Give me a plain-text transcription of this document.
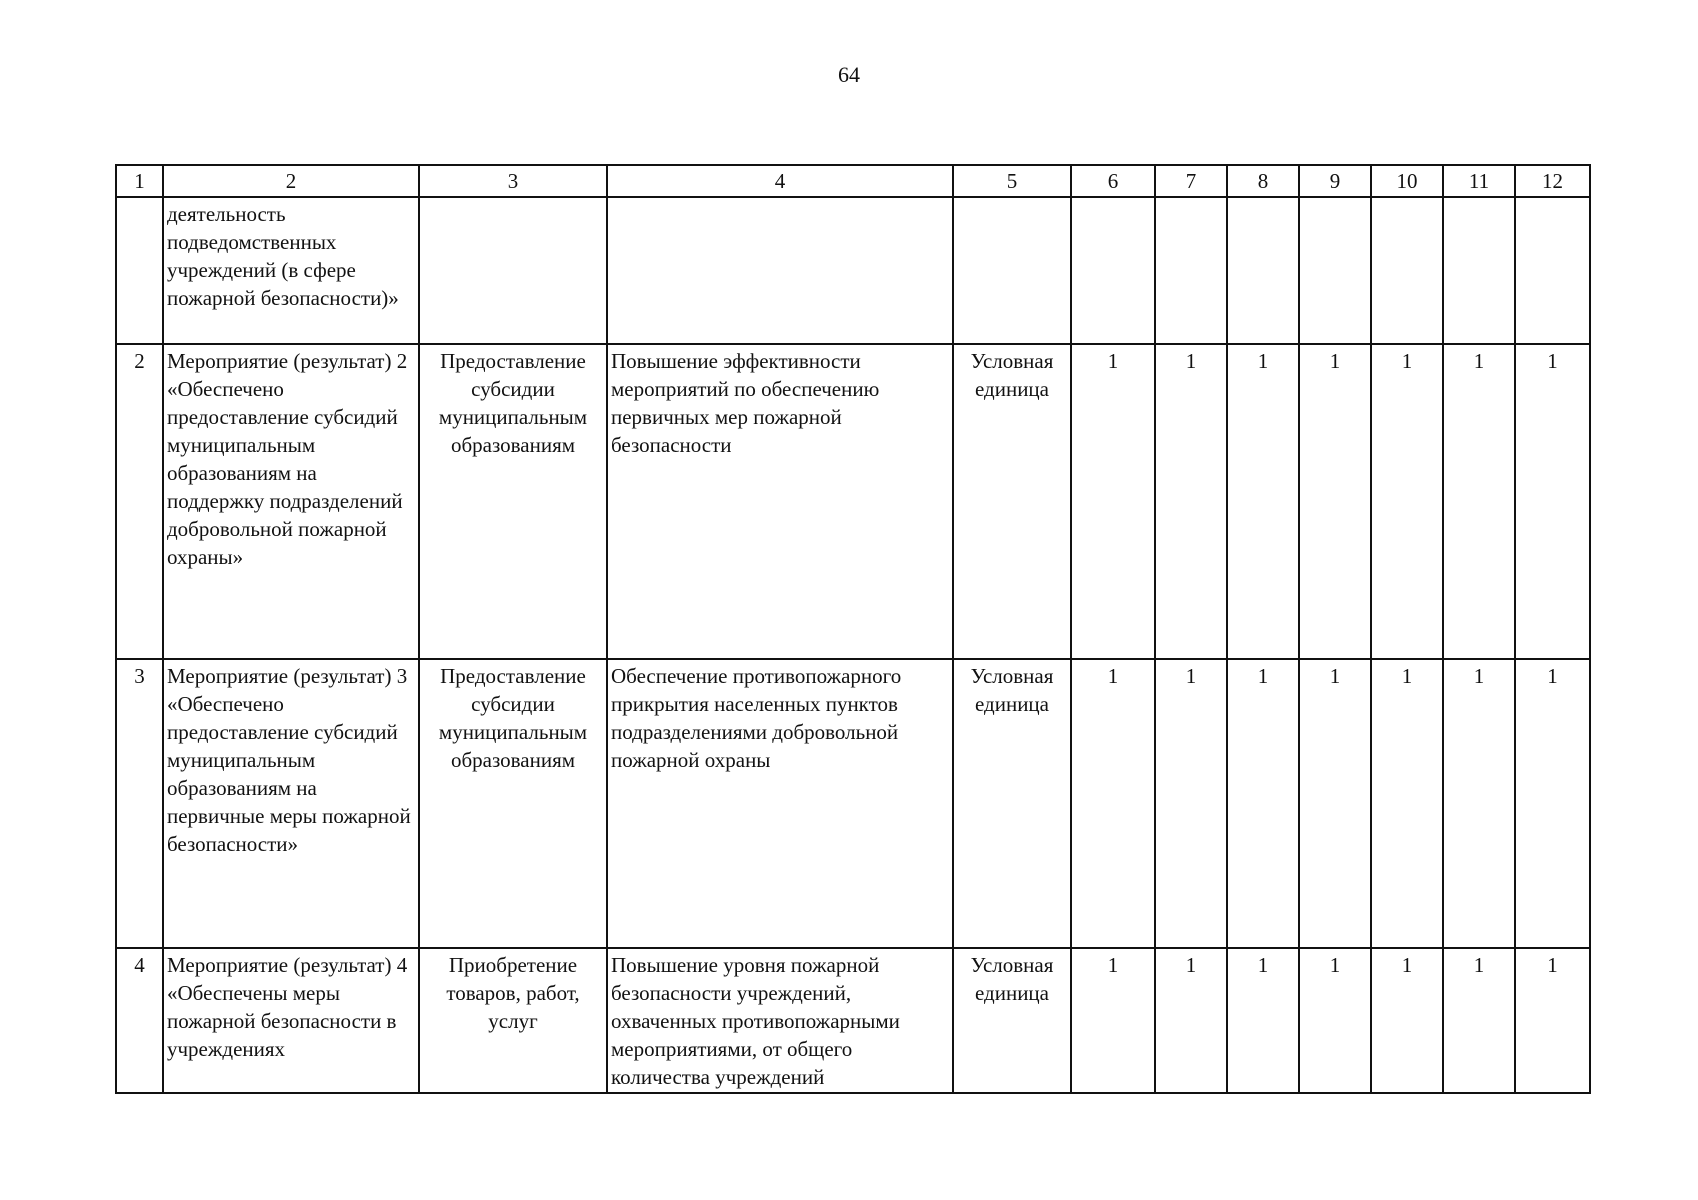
64
1	2	3	4	5	6	7	8	9	10	11	12
	деятельность подведомственных учреждений (в сфере пожарной безопасности)»										
2	Мероприятие (результат) 2 «Обеспечено предоставление субсидий муниципальным образованиям на поддержку подразделений добровольной пожарной охраны»	Предоставление субсидии муниципальным образованиям	Повышение эффективности мероприятий по обеспечению первичных мер пожарной безопасности	Условная единица	1	1	1	1	1	1	1
3	Мероприятие (результат) 3 «Обеспечено предоставление субсидий муниципальным образованиям на первичные меры пожарной безопасности»	Предоставление субсидии муниципальным образованиям	Обеспечение противопожарного прикрытия населенных пунктов подразделениями добровольной пожарной охраны	Условная единица	1	1	1	1	1	1	1
4	Мероприятие (результат) 4 «Обеспечены меры пожарной безопасности в учреждениях	Приобретение товаров, работ, услуг	Повышение уровня пожарной безопасности учреждений, охваченных противопожарными мероприятиями, от общего количества учреждений	Условная единица	1	1	1	1	1	1	1
